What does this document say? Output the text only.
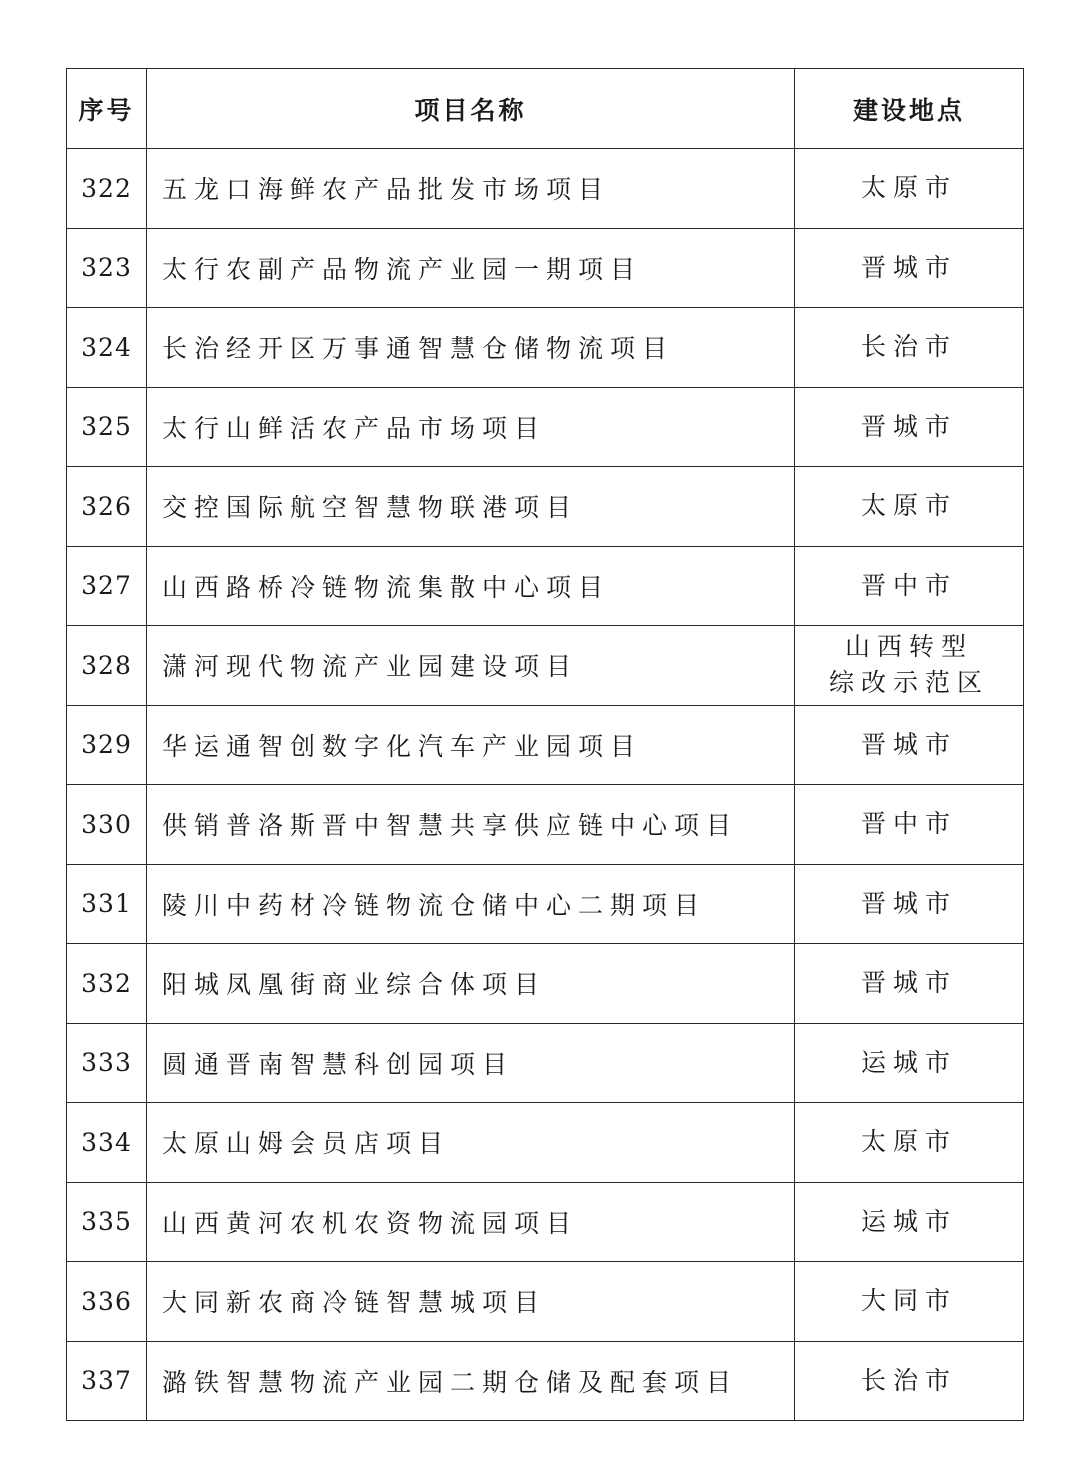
序号	项目名称	建设地点
322	五龙口海鲜农产品批发市场项目	太原市

323	太行农副产品物流产业园一期项目	晋城市

324	长治经开区万事通智慧仓储物流项目	长治市

325	太行山鲜活农产品市场项目	晋城市

326	交控国际航空智慧物联港项目	太原市

327	山西路桥冷链物流集散中心项目	晋中市

328	潇河现代物流产业园建设项目	山西转型
综改示范区

329	华运通智创数字化汽车产业园项目	晋城市

330	供销普洛斯晋中智慧共享供应链中心项目	晋中市

331	陵川中药材冷链物流仓储中心二期项目	晋城市

332	阳城凤凰街商业综合体项目	晋城市

333	圆通晋南智慧科创园项目	运城市

334	太原山姆会员店项目	太原市

335	山西黄河农机农资物流园项目	运城市

336	大同新农商冷链智慧城项目	大同市

337	潞铁智慧物流产业园二期仓储及配套项目	长治市
